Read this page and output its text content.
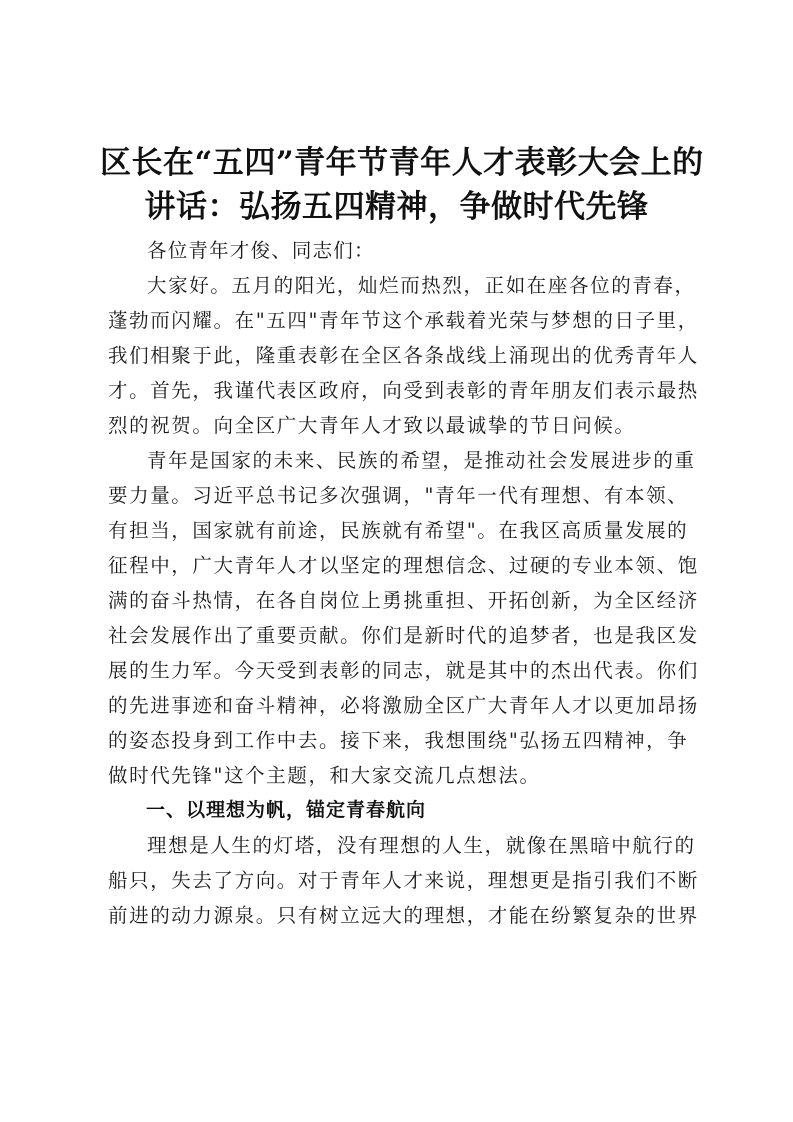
区长在“五四”青年节青年人才表彰大会上的
讲话：弘扬五四精神，争做时代先锋

各位青年才俊、同志们：

大家好。五月的阳光，灿烂而热烈，正如在座各位的青春，
蓬勃而闪耀。在"五四"青年节这个承载着光荣与梦想的日子里，
我们相聚于此，隆重表彰在全区各条战线上涌现出的优秀青年人
才。首先，我谨代表区政府，向受到表彰的青年朋友们表示最热
烈的祝贺。向全区广大青年人才致以最诚挚的节日问候。

青年是国家的未来、民族的希望，是推动社会发展进步的重
要力量。习近平总书记多次强调，"青年一代有理想、有本领、
有担当，国家就有前途，民族就有希望"。在我区高质量发展的
征程中，广大青年人才以坚定的理想信念、过硬的专业本领、饱
满的奋斗热情，在各自岗位上勇挑重担、开拓创新，为全区经济
社会发展作出了重要贡献。你们是新时代的追梦者，也是我区发
展的生力军。今天受到表彰的同志，就是其中的杰出代表。你们
的先进事迹和奋斗精神，必将激励全区广大青年人才以更加昂扬
的姿态投身到工作中去。接下来，我想围绕"弘扬五四精神，争
做时代先锋"这个主题，和大家交流几点想法。

一、以理想为帆，锚定青春航向

理想是人生的灯塔，没有理想的人生，就像在黑暗中航行的
船只，失去了方向。对于青年人才来说，理想更是指引我们不断
前进的动力源泉。只有树立远大的理想，才能在纷繁复杂的世界
